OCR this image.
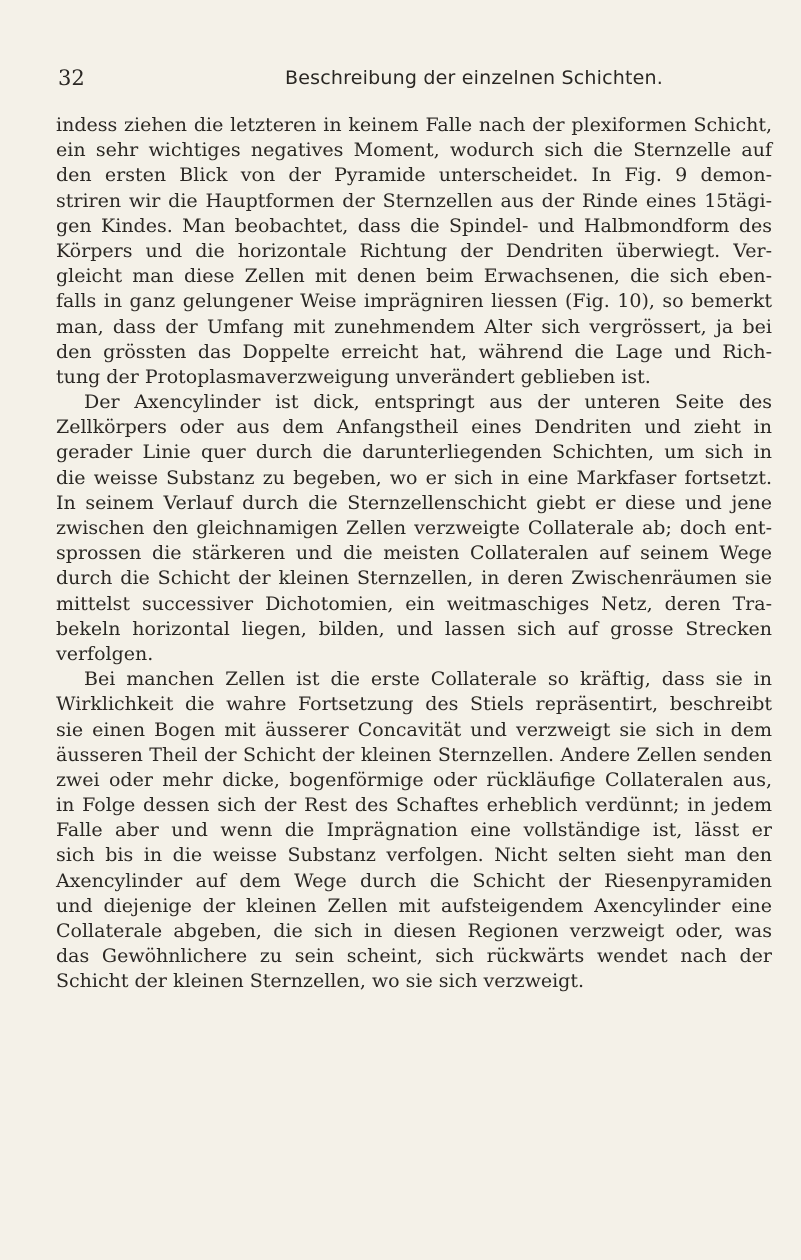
32	Beschreibung der einzelnen Schichten.
indess ziehen die letzteren in keinem Falle nach der plexiformen Schicht,
ein sehr wichtiges negatives Moment, wodurch sich die Sternzelle auf
den ersten Blick von der Pyramide unterscheidet. In Fig. 9 demon-
striren wir die Hauptformen der Sternzellen aus der Rinde eines 15tägi-
gen Kindes. Man beobachtet, dass die Spindel- und Halbmondform des
Körpers und die horizontale Richtung der Dendriten überwiegt. Ver-
gleicht man diese Zellen mit denen beim Erwachsenen, die sich eben-
falls in ganz gelungener Weise imprägniren liessen (Fig. 10), so bemerkt
man, dass der Umfang mit zunehmendem Alter sich vergrössert, ja bei
den grössten das Doppelte erreicht hat, während die Lage und Rich-
tung der Protoplasmaverzweigung unverändert geblieben ist.
Der Axencylinder ist dick, entspringt aus der unteren Seite des
Zellkörpers oder aus dem Anfangstheil eines Dendriten und zieht in
gerader Linie quer durch die darunterliegenden Schichten, um sich in
die weisse Substanz zu begeben, wo er sich in eine Markfaser fortsetzt.
In seinem Verlauf durch die Sternzellenschicht giebt er diese und jene
zwischen den gleichnamigen Zellen verzweigte Collaterale ab; doch ent-
sprossen die stärkeren und die meisten Collateralen auf seinem Wege
durch die Schicht der kleinen Sternzellen, in deren Zwischenräumen sie
mittelst successiver Dichotomien, ein weitmaschiges Netz, deren Tra-
bekeln horizontal liegen, bilden, und lassen sich auf grosse Strecken
verfolgen.
Bei manchen Zellen ist die erste Collaterale so kräftig, dass sie in
Wirklichkeit die wahre Fortsetzung des Stiels repräsentirt, beschreibt
sie einen Bogen mit äusserer Concavität und verzweigt sie sich in dem
äusseren Theil der Schicht der kleinen Sternzellen. Andere Zellen senden
zwei oder mehr dicke, bogenförmige oder rückläufige Collateralen aus,
in Folge dessen sich der Rest des Schaftes erheblich verdünnt; in jedem
Falle aber und wenn die Imprägnation eine vollständige ist, lässt er
sich bis in die weisse Substanz verfolgen. Nicht selten sieht man den
Axencylinder auf dem Wege durch die Schicht der Riesenpyramiden
und diejenige der kleinen Zellen mit aufsteigendem Axencylinder eine
Collaterale abgeben, die sich in diesen Regionen verzweigt oder, was
das Gewöhnlichere zu sein scheint, sich rückwärts wendet nach der
Schicht der kleinen Sternzellen, wo sie sich verzweigt.
